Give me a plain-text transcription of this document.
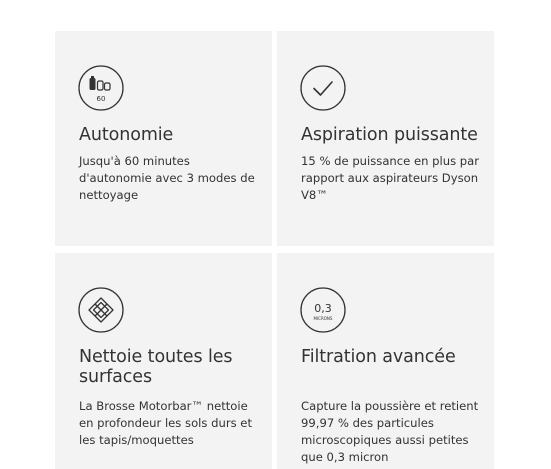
60
Autonomie

Jusqu'à 60 minutes d'autonomie avec 3 modes de nettoyage

Aspiration puissante

15 % de puissance en plus par rapport aux aspirateurs Dyson V8™

Nettoie toutes les surfaces

La Brosse Motorbar™ nettoie en profondeur les sols durs et les tapis/moquettes

0,3
MICRONS
Filtration avancée

Capture la poussière et retient 99,97 % des particules microscopiques aussi petites que 0,3 micron
